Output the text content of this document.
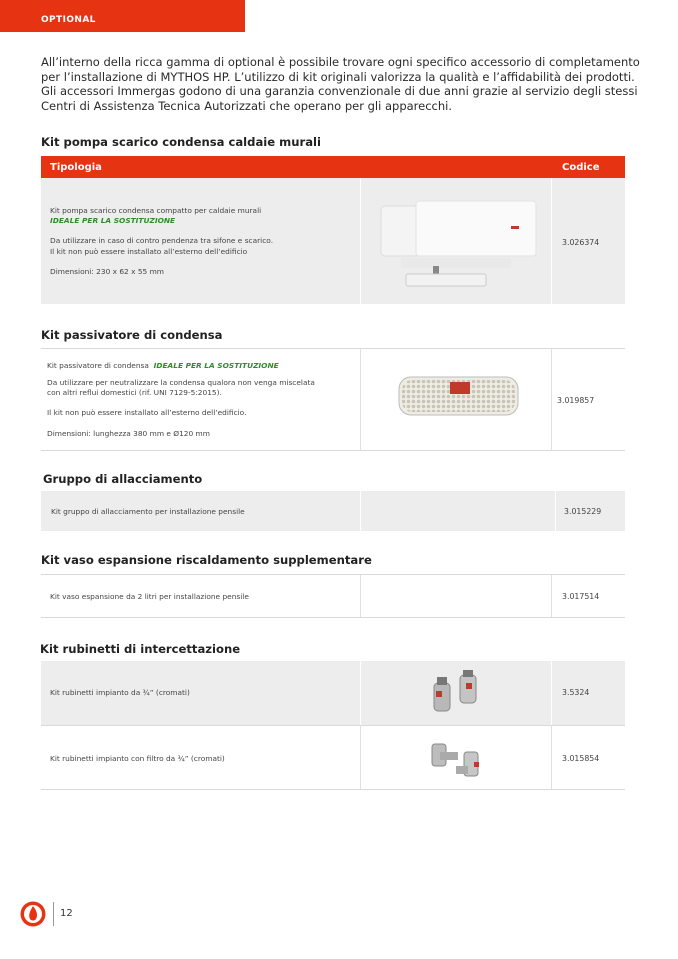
OPTIONAL
All’interno della ricca gamma di optional è possibile trovare ogni specifico accessorio di completamento
per l’installazione di MYTHOS HP. L’utilizzo di kit originali valorizza la qualità e l’affidabilità dei prodotti.
Gli accessori Immergas godono di una garanzia convenzionale di due anni grazie al servizio degli stessi
Centri di Assistenza Tecnica Autorizzati che operano per gli apparecchi.
Kit pompa scarico condensa caldaie murali
Tipologia	Codice
Kit pompa scarico condensa compatto per caldaie murali
IDEALE PER LA SOSTITUZIONE
Da utilizzare in caso di contro pendenza tra sifone e scarico.
Il kit non può essere installato all’esterno dell’edificio
Dimensioni: 230 x 62 x 55 mm
3.026374
Kit passivatore di condensa
Kit passivatore di condensa IDEALE PER LA SOSTITUZIONE
Da utilizzare per neutralizzare la condensa qualora non venga miscelata
con altri reflui domestici (rif. UNI 7129-5:2015).
Il kit non può essere installato all’esterno dell’edificio.
Dimensioni: lunghezza 380 mm e Ø120 mm
3.019857
Gruppo di allacciamento
Kit gruppo di allacciamento per installazione pensile	3.015229
Kit vaso espansione riscaldamento supplementare
Kit vaso espansione da 2 litri per installazione pensile	3.017514
Kit rubinetti di intercettazione
Kit rubinetti impianto da ¾” (cromati)	3.5324
Kit rubinetti impianto con filtro da ¾” (cromati)	3.015854
12
